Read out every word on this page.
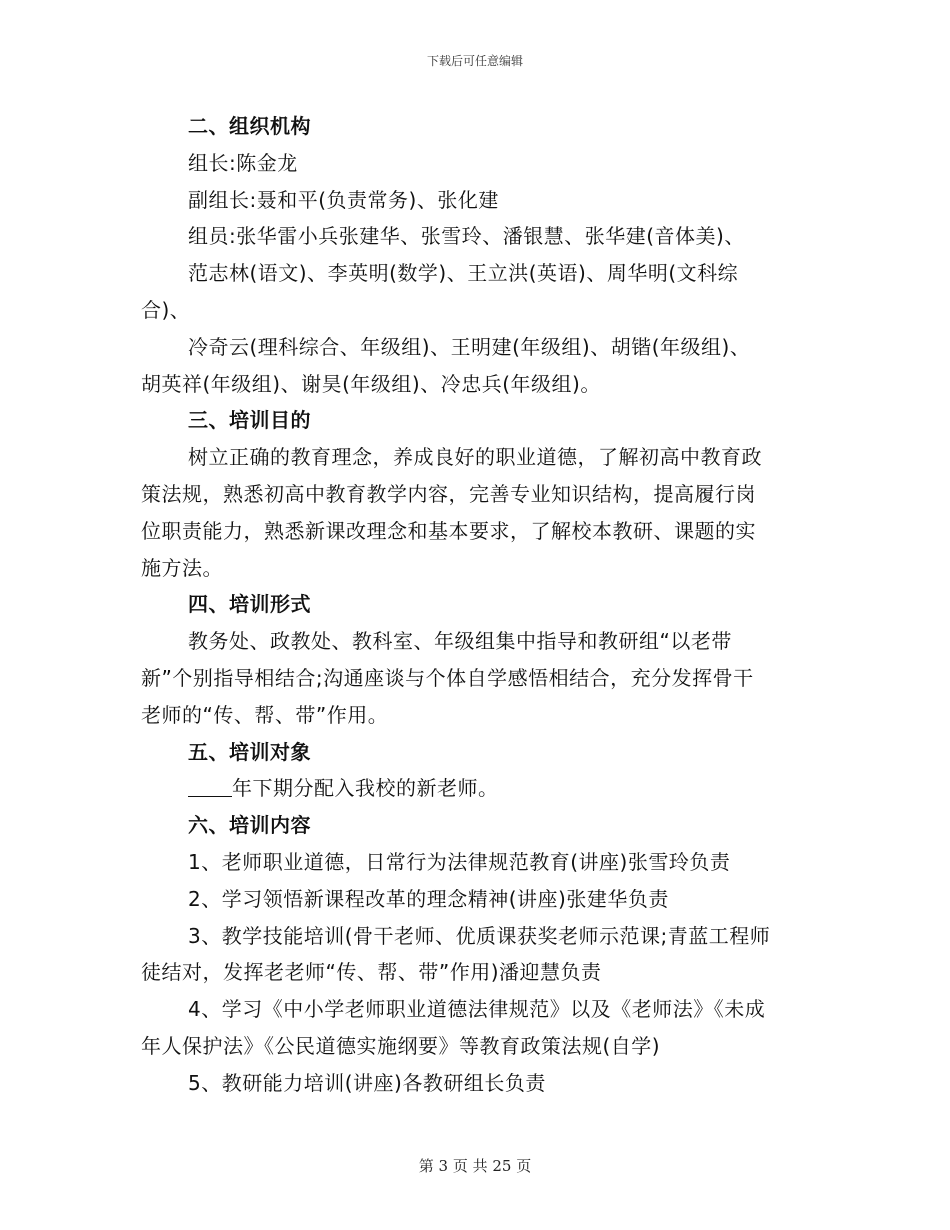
下载后可任意编辑
二、组织机构
组长:陈金龙
副组长:聂和平(负责常务)、张化建
组员:张华雷小兵张建华、张雪玲、潘银慧、张华建(音体美)、
范志林(语文)、李英明(数学)、王立洪(英语)、周华明(文科综
合)、
冷奇云(理科综合、年级组)、王明建(年级组)、胡锴(年级组)、
胡英祥(年级组)、谢昊(年级组)、冷忠兵(年级组)。
三、培训目的
树立正确的教育理念，养成良好的职业道德，了解初高中教育政
策法规，熟悉初高中教育教学内容，完善专业知识结构，提高履行岗
位职责能力，熟悉新课改理念和基本要求，了解校本教研、课题的实
施方法。
四、培训形式
教务处、政教处、教科室、年级组集中指导和教研组“以老带
新”个别指导相结合;沟通座谈与个体自学感悟相结合，充分发挥骨干
老师的“传、帮、带”作用。
五、培训对象
年下期分配入我校的新老师。
六、培训内容
1、老师职业道德，日常行为法律规范教育(讲座)张雪玲负责
2、学习领悟新课程改革的理念精神(讲座)张建华负责
3、教学技能培训(骨干老师、优质课获奖老师示范课;青蓝工程师
徒结对，发挥老老师“传、帮、带”作用)潘迎慧负责
4、学习《中小学老师职业道德法律规范》以及《老师法》《未成
年人保护法》《公民道德实施纲要》等教育政策法规(自学)
5、教研能力培训(讲座)各教研组长负责
第 3 页 共 25 页
